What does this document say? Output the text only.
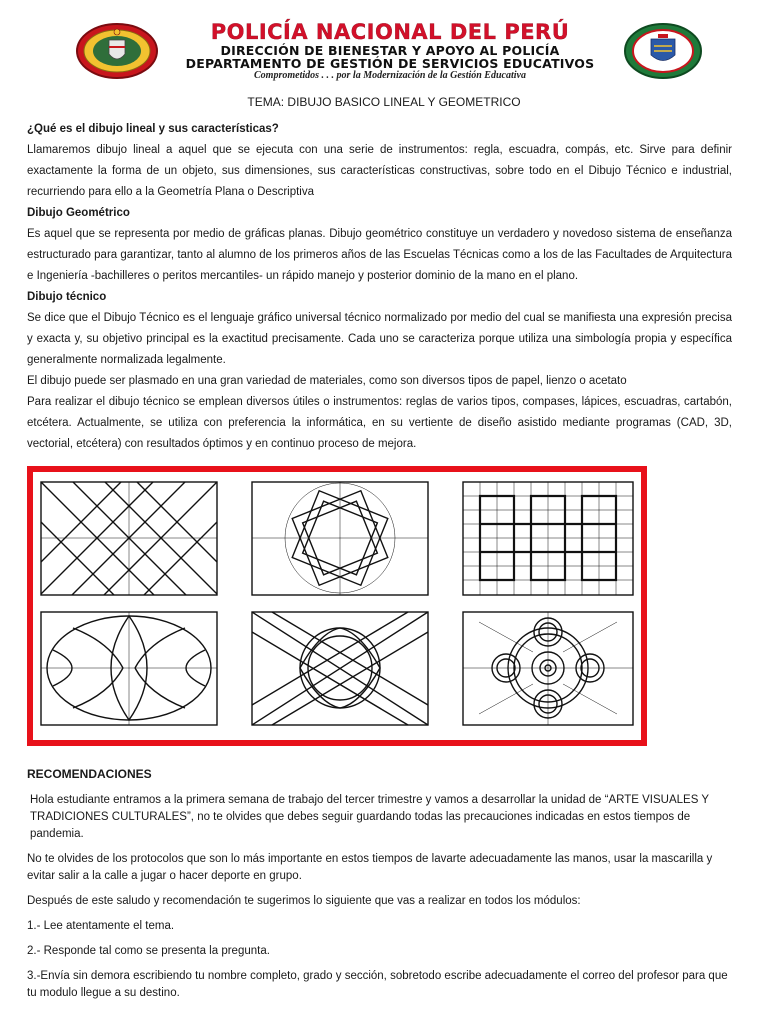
POLICÍA NACIONAL DEL PERÚ
DIRECCIÓN DE BIENESTAR Y APOYO AL POLICÍA
DEPARTAMENTO DE GESTIÓN DE SERVICIOS EDUCATIVOS
Comprometidos . . . por la Modernización de la Gestión Educativa
TEMA: DIBUJO BASICO LINEAL Y GEOMETRICO
¿Qué es el dibujo lineal y sus características?

Llamaremos dibujo lineal a aquel que se ejecuta con una serie de instrumentos: regla, escuadra, compás, etc. Sirve para definir exactamente la forma de un objeto, sus dimensiones, sus características constructivas, sobre todo en el Dibujo Técnico e industrial, recurriendo para ello a la Geometría Plana o Descriptiva

Dibujo Geométrico

Es aquel que se representa por medio de gráficas planas. Dibujo geométrico constituye un verdadero y novedoso sistema de enseñanza estructurado para garantizar, tanto al alumno de los primeros años de las Escuelas Técnicas como a los de las Facultades de Arquitectura e Ingeniería -bachilleres o peritos mercantiles- un rápido manejo y posterior dominio de la mano en el plano.

Dibujo técnico

Se dice que el Dibujo Técnico es el lenguaje gráfico universal técnico normalizado por medio del cual se manifiesta una expresión precisa y exacta y, su objetivo principal es la exactitud precisamente. Cada uno se caracteriza porque utiliza una simbología propia y específica generalmente normalizada legalmente.

El dibujo puede ser plasmado en una gran variedad de materiales, como son diversos tipos de papel, lienzo o acetato

Para realizar el dibujo técnico se emplean diversos útiles o instrumentos: reglas de varios tipos, compases, lápices, escuadras, cartabón, etcétera. Actualmente, se utiliza con preferencia la informática, en su vertiente de diseño asistido mediante programas (CAD, 3D, vectorial, etcétera) con resultados óptimos y en continuo proceso de mejora.

RECOMENDACIONES

Hola estudiante entramos a la primera semana de trabajo del tercer trimestre y vamos a desarrollar la unidad de “ARTE VISUALES Y TRADICIONES CULTURALES”, no te olvides que debes seguir guardando todas las precauciones indicadas en estos tiempos de pandemia.

No te olvides de los protocolos que son lo más importante en estos tiempos de lavarte adecuadamente las manos, usar la mascarilla y evitar salir a la calle a jugar o hacer deporte en grupo.

Después de este saludo y recomendación te sugerimos lo siguiente que vas a realizar en todos los módulos:

1.- Lee atentamente el tema.

2.- Responde tal como se presenta la pregunta.

3.-Envía sin demora escribiendo tu nombre completo, grado y sección, sobretodo escribe adecuadamente el correo del profesor para que tu modulo llegue a su destino.
